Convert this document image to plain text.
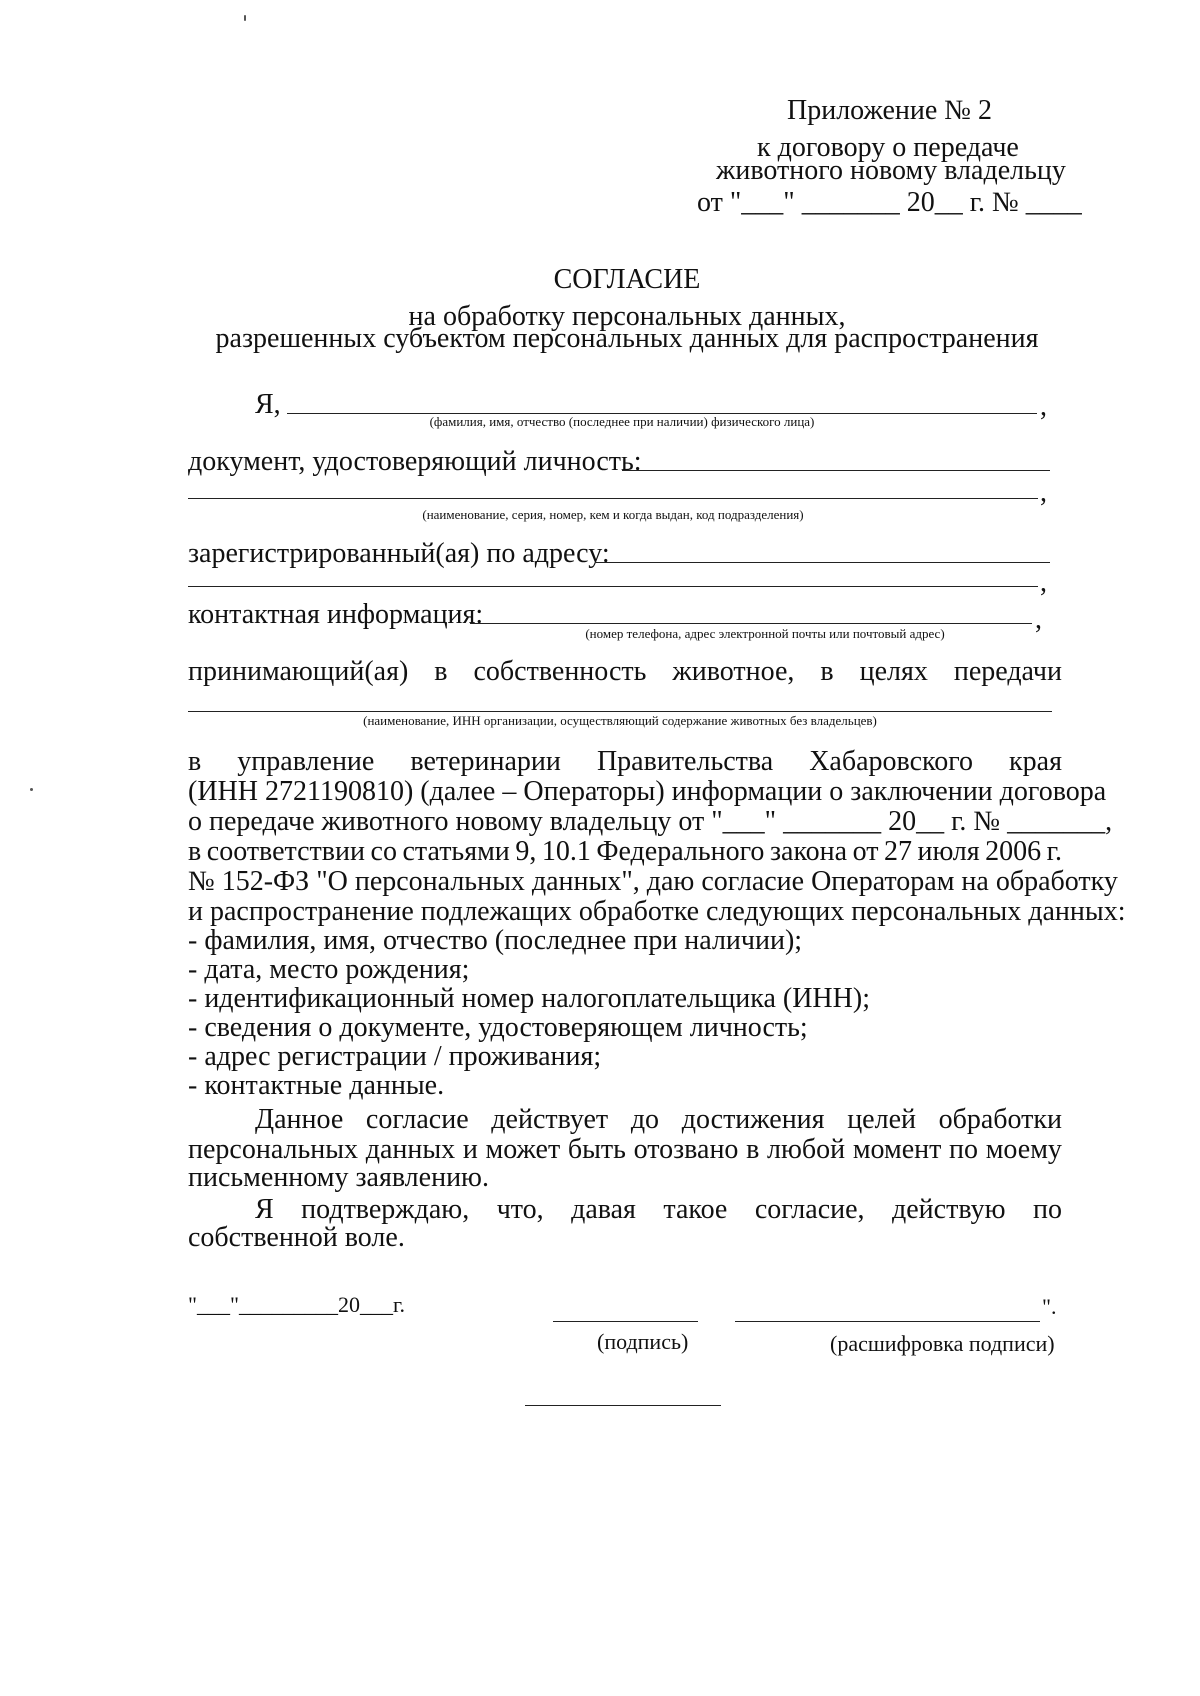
Приложение № 2
к договору о передаче
животного новому владельцу
от "___" _______ 20__ г. № ____
СОГЛАСИЕ
на обработку персональных данных,
разрешенных субъектом персональных данных для распространения
Я,	,
(фамилия, имя, отчество (последнее при наличии) физического лица)
документ, удостоверяющий личность:
,
(наименование, серия, номер, кем и когда выдан, код подразделения)
зарегистрированный(ая) по адресу:
,
контактная информация:	,
(номер телефона, адрес электронной почты или почтовый адрес)
принимающий(ая) в собственность животное, в целях передачи
(наименование, ИНН организации, осуществляющий содержание животных без владельцев)
в управление ветеринарии Правительства Хабаровского края
(ИНН 2721190810) (далее – Операторы) информации о заключении договора
о передаче животного новому владельцу от "___" _______ 20__ г. № _______,
в соответствии со статьями 9, 10.1 Федерального закона от 27 июля 2006 г.
№ 152-ФЗ "О персональных данных", даю согласие Операторам на обработку
и распространение подлежащих обработке следующих персональных данных:
- фамилия, имя, отчество (последнее при наличии);
- дата, место рождения;
- идентификационный номер налогоплательщика (ИНН);
- сведения о документе, удостоверяющем личность;
- адрес регистрации / проживания;
- контактные данные.
Данное согласие действует до достижения целей обработки
персональных данных и может быть отозвано в любой момент по моему
письменному заявлению.
Я подтверждаю, что, давая такое согласие, действую по
собственной воле.
"___"_________20___г.	".
(подпись)	(расшифровка подписи)
